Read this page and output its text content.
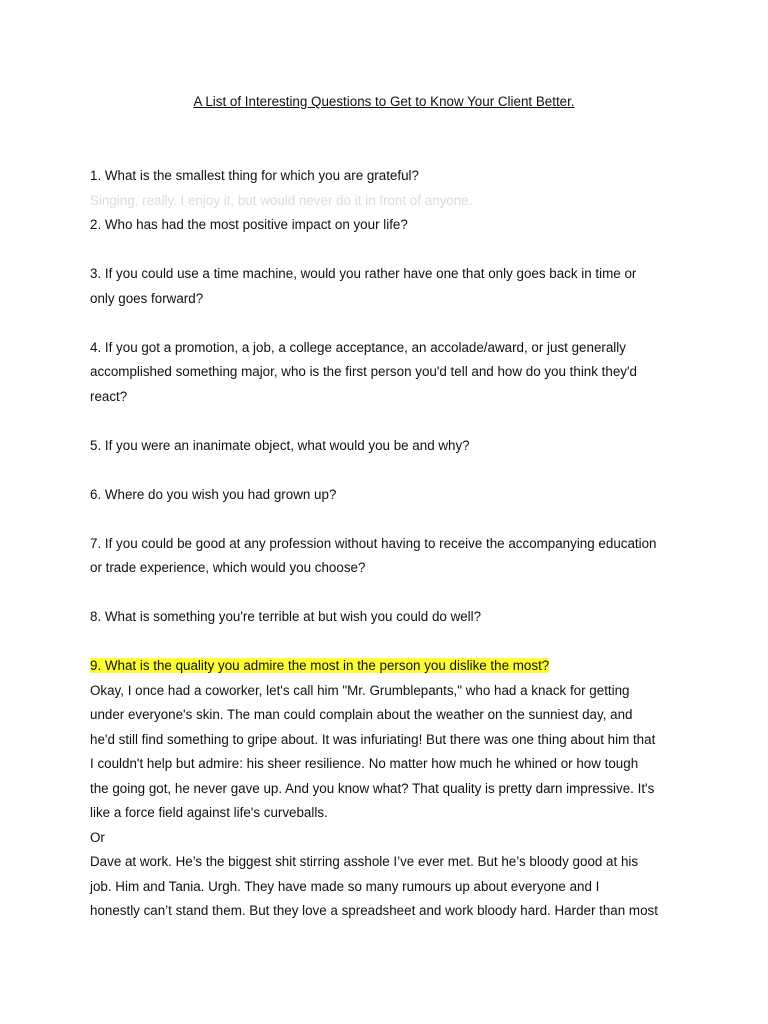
A List of Interesting Questions to Get to Know Your Client Better.
1. What is the smallest thing for which you are grateful?
Singing, really. I enjoy it, but would never do it in front of anyone.
2. Who has had the most positive impact on your life?
3. If you could use a time machine, would you rather have one that only goes back in time or
only goes forward?
4. If you got a promotion, a job, a college acceptance, an accolade/award, or just generally
accomplished something major, who is the first person you'd tell and how do you think they'd
react?
5. If you were an inanimate object, what would you be and why?
6. Where do you wish you had grown up?
7. If you could be good at any profession without having to receive the accompanying education
or trade experience, which would you choose?
8. What is something you're terrible at but wish you could do well?
9. What is the quality you admire the most in the person you dislike the most?
Okay, I once had a coworker, let's call him "Mr. Grumblepants," who had a knack for getting
under everyone's skin. The man could complain about the weather on the sunniest day, and
he'd still find something to gripe about. It was infuriating! But there was one thing about him that
I couldn't help but admire: his sheer resilience. No matter how much he whined or how tough
the going got, he never gave up. And you know what? That quality is pretty darn impressive. It's
like a force field against life's curveballs.
Or
Dave at work. He’s the biggest shit stirring asshole I’ve ever met. But he’s bloody good at his
job. Him and Tania. Urgh. They have made so many rumours up about everyone and I
honestly can’t stand them. But they love a spreadsheet and work bloody hard. Harder than most
